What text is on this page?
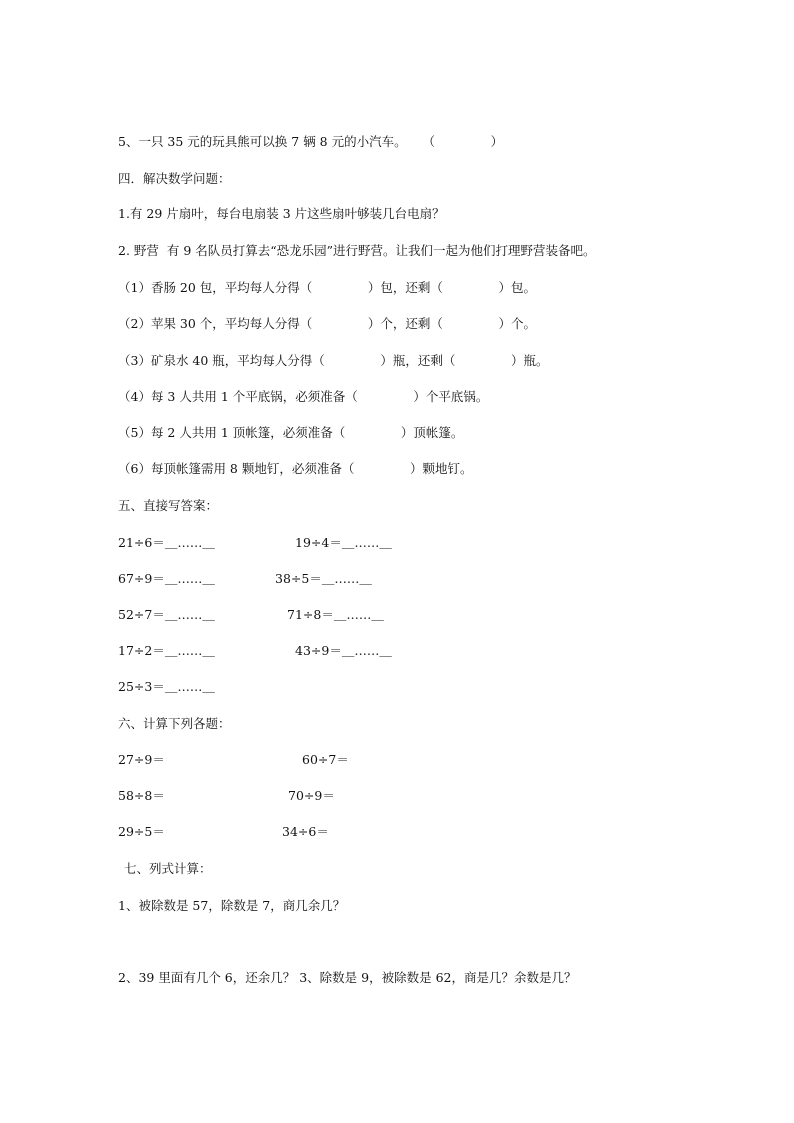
5、一只 35 元的玩具熊可以换 7 辆 8 元的小汽车。    （              ）
四．解决数学问题：
1.有 29 片扇叶，每台电扇装 3 片这些扇叶够装几台电扇？
2. 野营  有 9 名队员打算去“恐龙乐园”进行野营。让我们一起为他们打理野营装备吧。
（1）香肠 20 包，平均每人分得（              ）包，还剩（              ）包。
（2）苹果 30 个，平均每人分得（              ）个，还剩（              ）个。
（3）矿泉水 40 瓶，平均每人分得（              ）瓶，还剩（              ）瓶。
（4）每 3 人共用 1 个平底锅，必须准备（              ）个平底锅。
（5）每 2 人共用 1 顶帐篷，必须准备（              ）顶帐篷。
（6）每顶帐篷需用 8 颗地钉，必须准备（              ）颗地钉。
五、直接写答案：
21÷6＝＿……＿	19÷4＝＿……＿
67÷9＝＿……＿	38÷5＝＿……＿
52÷7＝＿……＿	71÷8＝＿……＿
17÷2＝＿……＿	43÷9＝＿……＿
25÷3＝＿……＿
六、计算下列各题：
27÷9＝	60÷7＝
58÷8＝	70÷9＝
29÷5＝	34÷6＝
七、列式计算：
1、被除数是 57，除数是 7，商几余几？
2、39 里面有几个 6，还余几？ 3、除数是 9，被除数是 62，商是几？余数是几？
